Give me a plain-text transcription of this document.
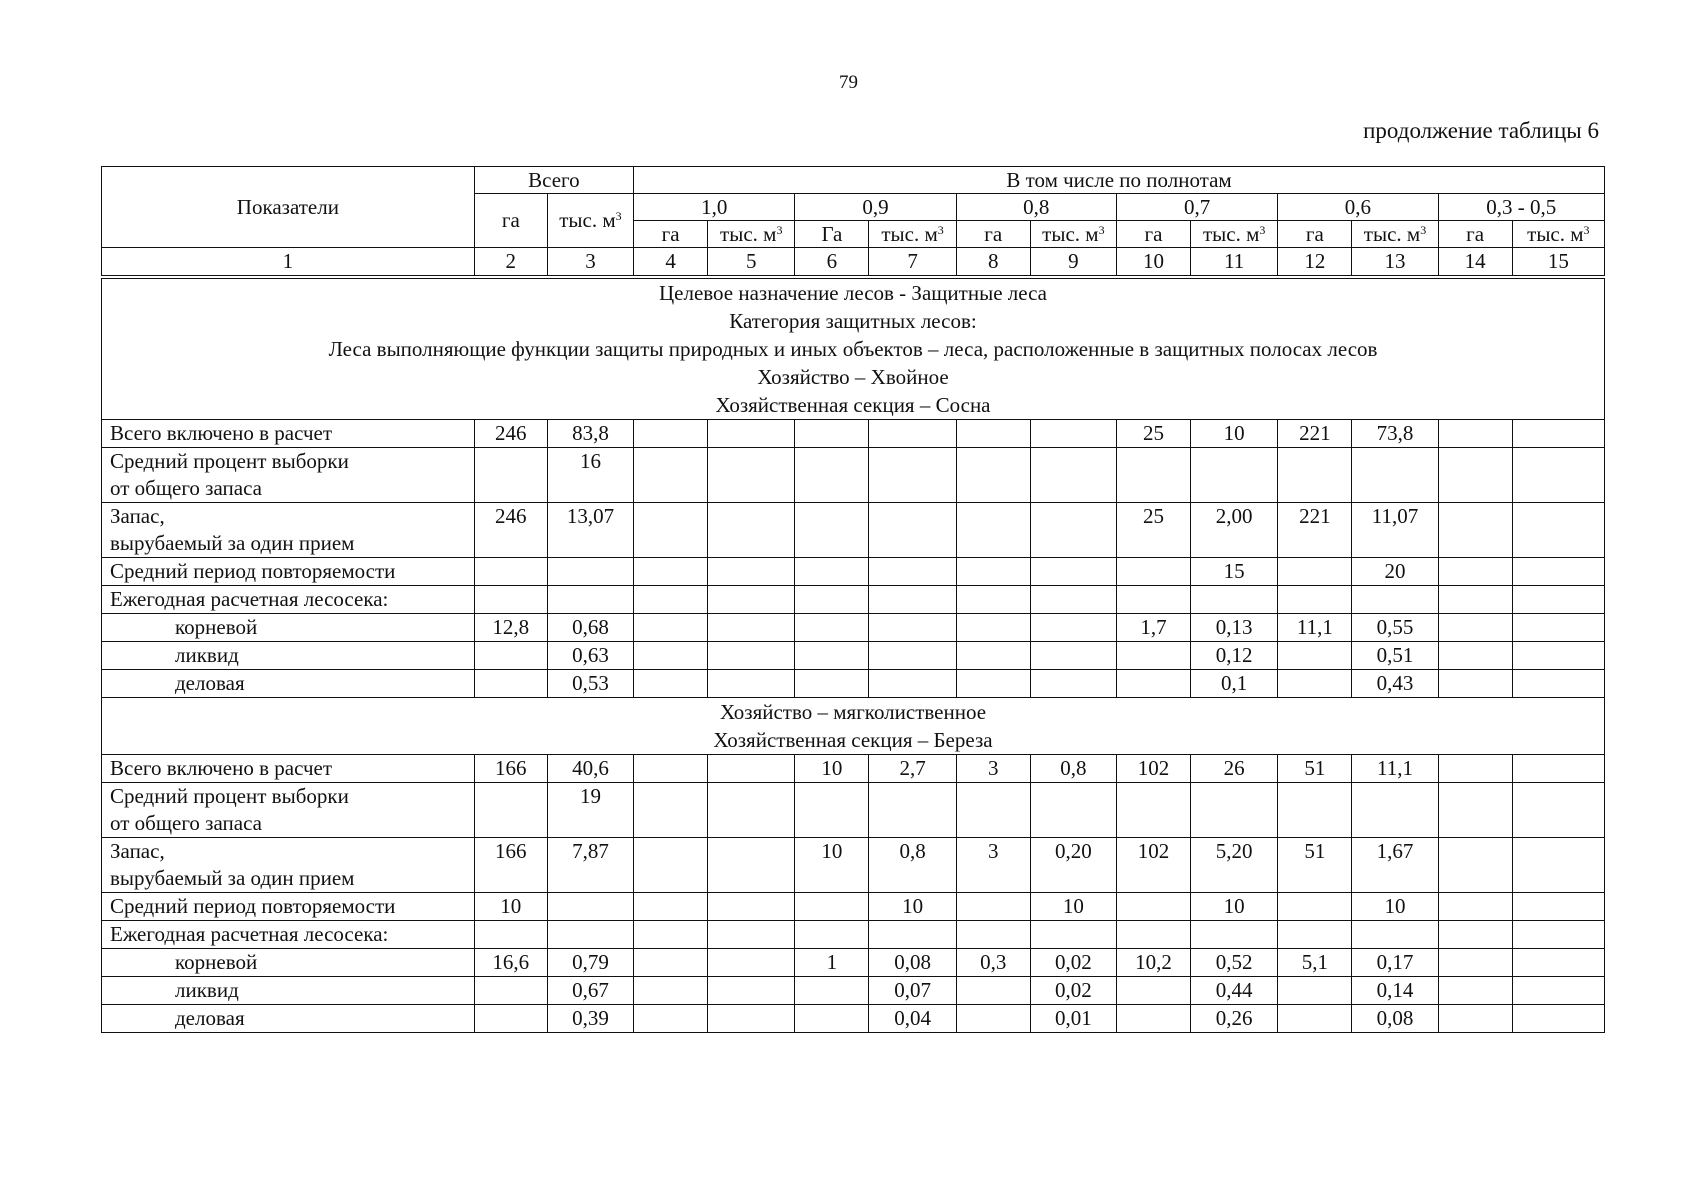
79
продолжение таблицы 6
Показатели	Всего		В том числе по полнотам											
	га	тыс. $м^3$	1,0		0,9		0,8		0,7		0,6		0,3 - 0,5	
			га	тыс. $м^3$	Га	тыс. $м^3$	га	тыс. $м^3$	га	тыс. $м^3$	га	тыс. $м^3$	га	тыс. $м^3$
1	2	3	4	5	6	7	8	9	10	11	12	13	14	15

Целевое назначение лесов - Защитные леса
Категория защитных лесов:
Леса выполняющие функции защиты природных и иных объектов – леса, расположенные в защитных полосах лесов
Хозяйство – Хвойное
Хозяйственная секция – Сосна														

Всего включено в расчет	246	83,8							25	10	221	73,8		

Средний процент выборки
от общего запаса		16												

Запас,
вырубаемый за один прием	246	13,07							25	2,00	221	11,07		

Средний период повторяемости										15		20		

Ежегодная расчетная лесосека:														

корневой	12,8	0,68							1,7	0,13	11,1	0,55		

ликвид		0,63								0,12		0,51		

деловая		0,53								0,1		0,43		

Хозяйство – мягколиственное
Хозяйственная секция – Береза														

Всего включено в расчет	166	40,6			10	2,7	3	0,8	102	26	51	11,1		

Средний процент выборки
от общего запаса		19												

Запас,
вырубаемый за один прием	166	7,87			10	0,8	3	0,20	102	5,20	51	1,67		

Средний период повторяемости	10					10		10		10		10		

Ежегодная расчетная лесосека:														

корневой	16,6	0,79			1	0,08	0,3	0,02	10,2	0,52	5,1	0,17		

ликвид		0,67				0,07		0,02		0,44		0,14		

деловая		0,39				0,04		0,01		0,26		0,08		
